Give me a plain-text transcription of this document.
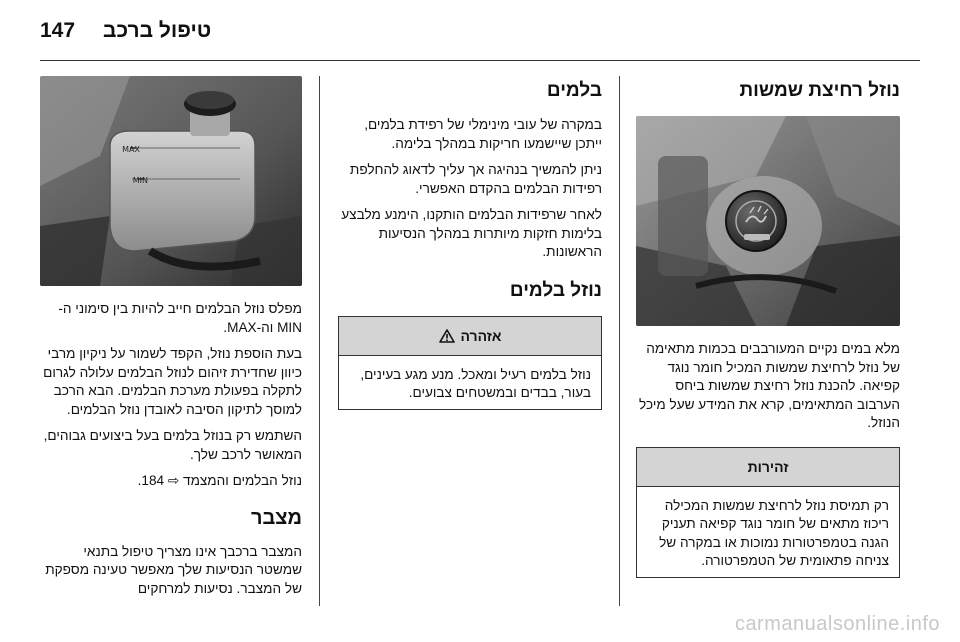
147 טיפול ברכב
נוזל רחיצת שמשות

מלא במים נקיים המעורבבים בכמות מתאימה של נוזל לרחיצת שמשות המכיל חומר נוגד קפיאה. להכנת נוזל רחיצת שמשות ביחס הערבוב המתאימים, קרא את המידע שעל מיכל הנוזל.

זהירות

רק תמיסת נוזל לרחיצת שמשות המכילה ריכוז מתאים של חומר נוגד קפיאה תעניק הגנה בטמפרטורות נמוכות או במקרה של צניחה פתאומית של הטמפרטורה.

בלמים

במקרה של עובי מינימלי של רפידת בלמים, ייתכן שיישמעו חריקות במהלך בלימה.

ניתן להמשיך בנהיגה אך עליך לדאוג להחלפת רפידות הבלמים בהקדם האפשרי.

לאחר שרפידות הבלמים הותקנו, הימנע מלבצע בלימות חזקות מיותרות במהלך הנסיעות הראשונות.

נוזל בלמים
אזהרה

נוזל בלמים רעיל ומאכל. מנע מגע בעינים, בעור, בבדים ובמשטחים צבועים.

MAX
MIN

מפלס נוזל הבלמים חייב להיות בין סימוני ה-MIN וה-MAX.

בעת הוספת נוזל, הקפד לשמור על ניקיון מרבי כיוון שחדירת זיהום לנוזל הבלמים עלולה לגרום לתקלה בפעולת מערכת הבלמים. הבא הרכב למוסך לתיקון הסיבה לאובדן נוזל הבלמים.

השתמש רק בנוזל בלמים בעל ביצועים גבוהים, המאושר לרכב שלך.

נוזל הבלמים והמצמד ⇨ 184.

מצבר

המצבר ברכבך אינו מצריך טיפול בתנאי שמשטר הנסיעות שלך מאפשר טעינה מספקת של המצבר. נסיעות למרחקים

carmanualsonline.info
